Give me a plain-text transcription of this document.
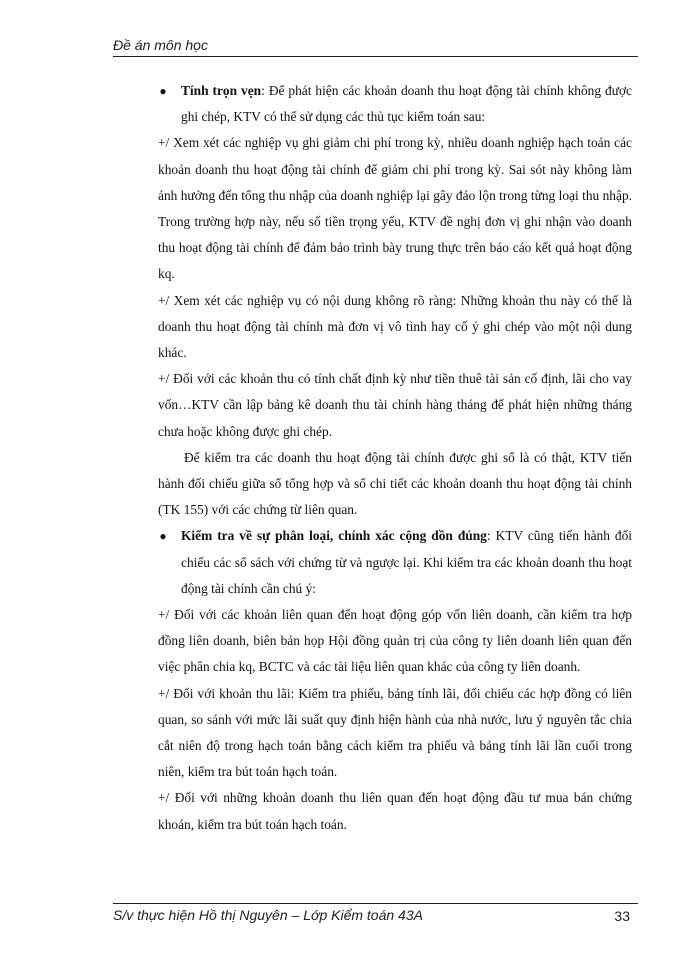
Đề án môn học

● Tính trọn vẹn: Để phát hiện các khoản doanh thu hoạt động tài chính không được ghi chép, KTV có thể sử dụng các thủ tục kiểm toán sau:

+/ Xem xét các nghiệp vụ ghi giảm chi phí trong kỳ, nhiều doanh nghiệp hạch toán các khoản doanh thu hoạt động tài chính để giảm chi phí trong kỳ. Sai sót này không làm ảnh hưởng đến tổng thu nhập của doanh nghiệp lại gây đảo lộn trong từng loại thu nhập. Trong trường hợp này, nếu số tiền trọng yếu, KTV đề nghị đơn vị ghi nhận vào doanh thu hoạt động tài chính để đảm bảo trình bày trung thực trên báo cáo kết quả hoạt động kq.

+/ Xem xét các nghiệp vụ có nội dung không rõ ràng: Những khoản thu này có thể là doanh thu hoạt động tài chính mà đơn vị vô tình hay cố ý ghi chép vào một nội dung khác.

+/ Đối với các khoản thu có tính chất định kỳ như tiền thuê tài sản cố định, lãi cho vay vốn…KTV cần lập bảng kê doanh thu tài chính hàng tháng để phát hiện những tháng chưa hoặc không được ghi chép.

Để kiểm tra các doanh thu hoạt động tài chính được ghi sổ là có thật, KTV tiến hành đối chiếu giữa sổ tổng hợp và sổ chi tiết các khoản doanh thu hoạt động tài chính (TK 155) với các chứng từ liên quan.

● Kiểm tra về sự phân loại, chính xác cộng dồn đúng: KTV cũng tiến hành đối chiếu các sổ sách với chứng từ và ngược lại. Khi kiểm tra các khoản doanh thu hoạt động tài chính cần chú ý:

+/ Đối với các khoản liên quan đến hoạt động góp vốn liên doanh, cần kiểm tra hợp đồng liên doanh, biên bản họp Hội đồng quản trị của công ty liên doanh liên quan đến việc phân chia kq, BCTC và các tài liệu liên quan khác của công ty liên doanh.

+/ Đối với khoản thu lãi: Kiểm tra phiếu, bảng tính lãi, đối chiếu các hợp đồng có liên quan, so sánh với mức lãi suất quy định hiện hành của nhà nước, lưu ý nguyên tắc chia cắt niên độ trong hạch toán bằng cách kiểm tra phiếu và bảng tính lãi lần cuối trong niên, kiểm tra bút toán hạch toán.

+/ Đối với những khoản doanh thu liên quan đến hoạt động đầu tư mua bán chứng khoán, kiểm tra bút toán hạch toán.

S/v thực hiện Hồ thị Nguyên – Lớp Kiểm toán 43A	33
